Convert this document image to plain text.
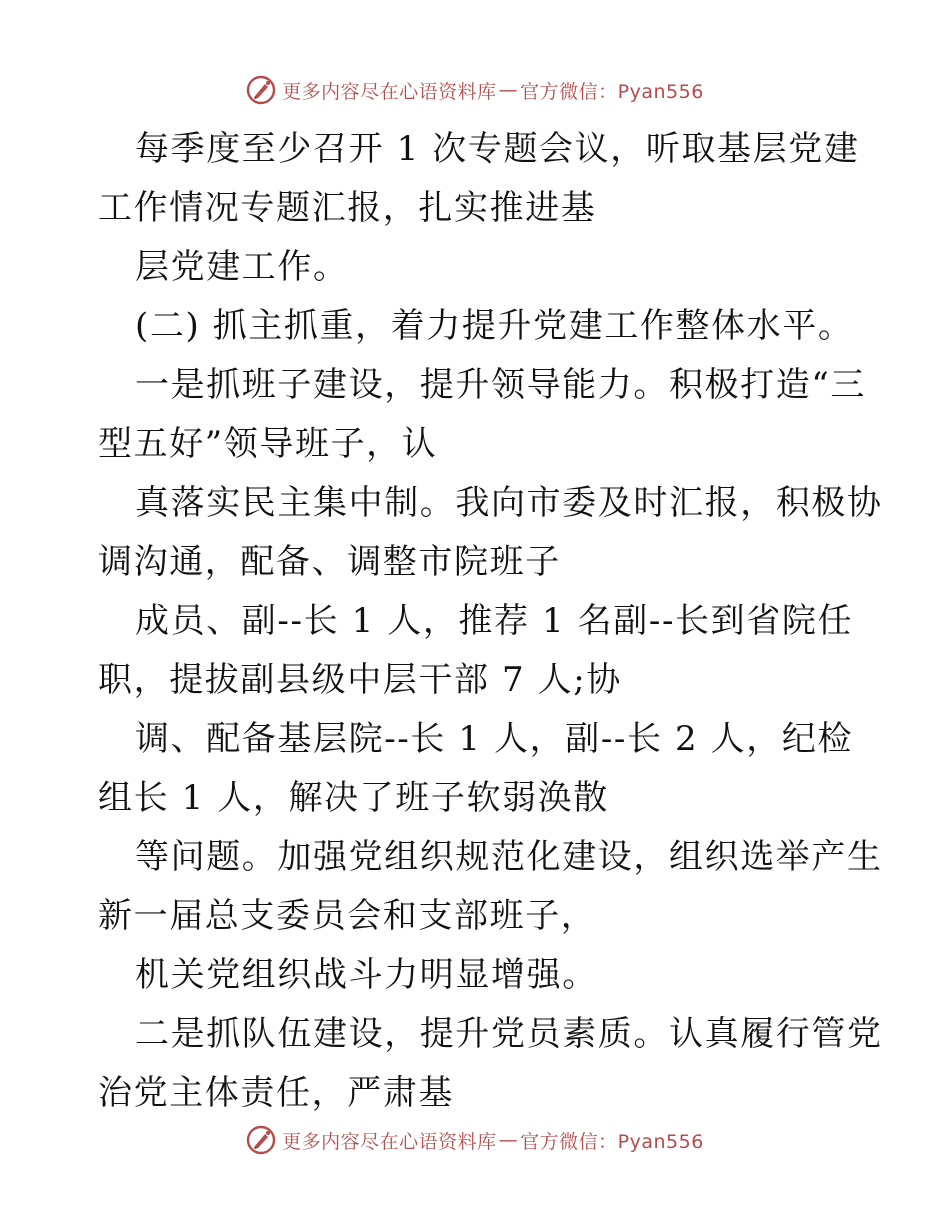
更多内容尽在心语资料库 — 官方微信：Pyan556
每季度至少召开 1 次专题会议，听取基层党建
工作情况专题汇报，扎实推进基
层党建工作。
(二) 抓主抓重，着力提升党建工作整体水平。
一是抓班子建设，提升领导能力。积极打造“三
型五好”领导班子，认
真落实民主集中制。我向市委及时汇报，积极协
调沟通，配备、调整市院班子
成员、副--长 1 人，推荐 1 名副--长到省院任
职，提拔副县级中层干部 7 人;协
调、配备基层院--长 1 人，副--长 2 人，纪检
组长 1 人，解决了班子软弱涣散
等问题。加强党组织规范化建设，组织选举产生
新一届总支委员会和支部班子，
机关党组织战斗力明显增强。
二是抓队伍建设，提升党员素质。认真履行管党
治党主体责任，严肃基
更多内容尽在心语资料库 — 官方微信：Pyan556
